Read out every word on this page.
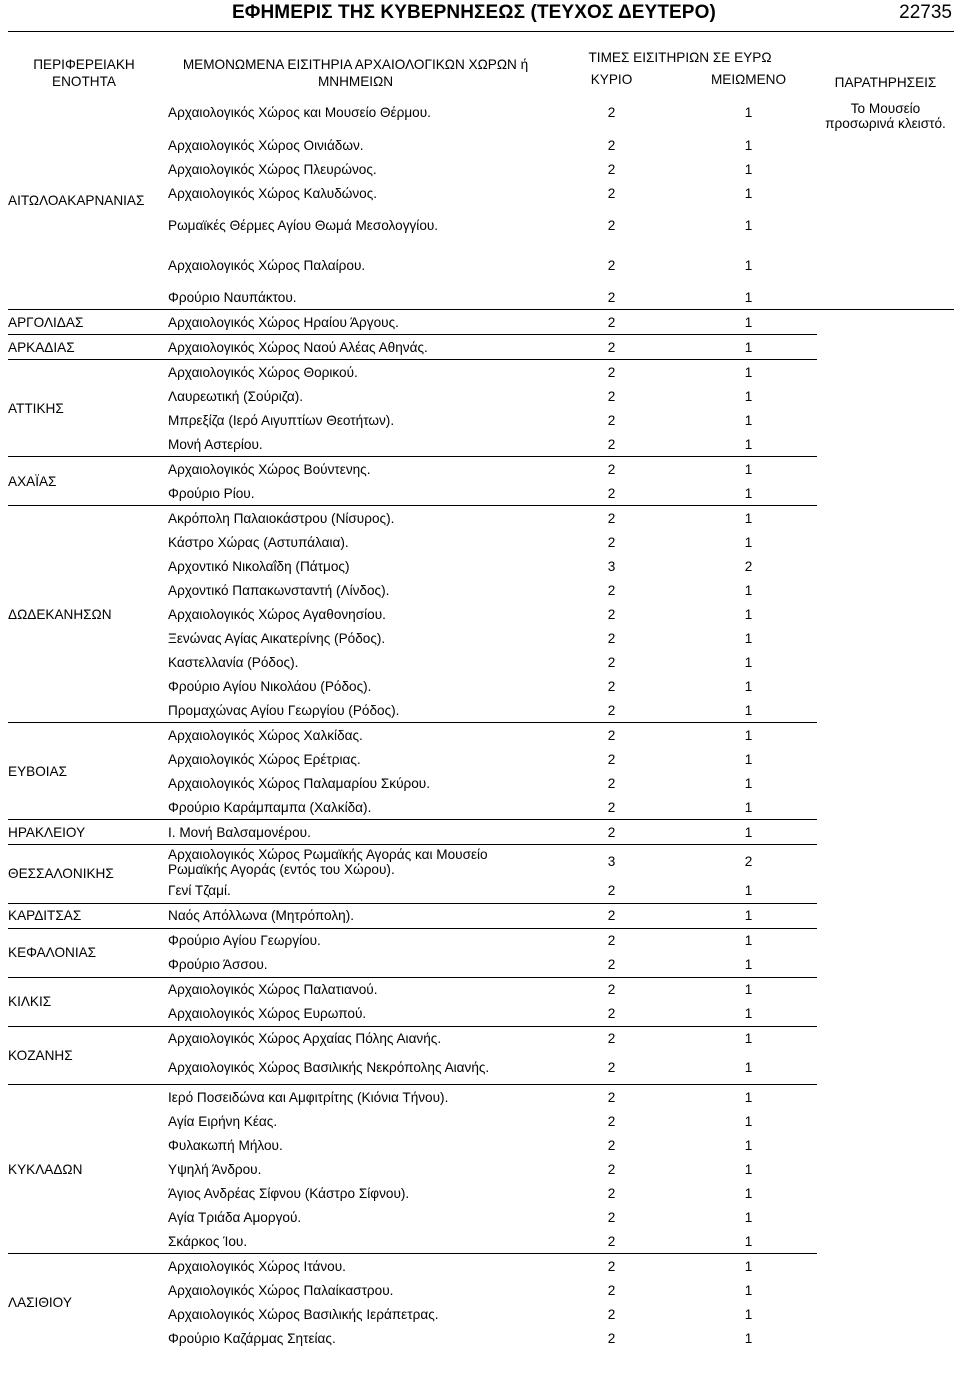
ΕΦΗΜΕΡΙΣ ΤΗΣ ΚΥΒΕΡΝΗΣΕΩΣ (ΤΕΥΧΟΣ ΔΕΥΤΕΡΟ)	22735
ΠΕΡΙΦΕΡΕΙΑΚΗ ΕΝΟΤΗΤΑ	ΜΕΜΟΝΩΜΕΝΑ ΕΙΣΙΤΗΡΙΑ ΑΡΧΑΙΟΛΟΓΙΚΩΝ ΧΩΡΩΝ ή ΜΝΗΜΕΙΩΝ	ΤΙΜΕΣ ΕΙΣΙΤΗΡΙΩΝ ΣΕ ΕΥΡΩ		ΠΑΡΑΤΗΡΗΣΕΙΣ
		ΚΥΡΙΟ	ΜΕΙΩΜΕΝΟ	
ΑΙΤΩΛΟΑΚΑΡΝΑΝΙΑΣ	Αρχαιολογικός Χώρος και Μουσείο Θέρμου.	2	1	Το Μουσείο προσωρινά κλειστό.
	Αρχαιολογικός Χώρος Οινιάδων.	2	1	
	Αρχαιολογικός Χώρος Πλευρώνος.	2	1	
	Αρχαιολογικός Χώρος Καλυδώνος.	2	1	
	Ρωμαϊκές Θέρμες Αγίου Θωμά Μεσολογγίου.	2	1	
	Αρχαιολογικός Χώρος Παλαίρου.	2	1	
	Φρούριο Ναυπάκτου.	2	1	
ΑΡΓΟΛΙΔΑΣ	Αρχαιολογικός Χώρος Ηραίου Άργους.	2	1	
ΑΡΚΑΔΙΑΣ	Αρχαιολογικός Χώρος Ναού Αλέας Αθηνάς.	2	1	
ΑΤΤΙΚΗΣ	Αρχαιολογικός Χώρος Θορικού.	2	1	
	Λαυρεωτική (Σούριζα).	2	1	
	Μπρεξίζα (Ιερό Αιγυπτίων Θεοτήτων).	2	1	
	Μονή Αστερίου.	2	1	
ΑΧΑΪΑΣ	Αρχαιολογικός Χώρος Βούντενης.	2	1	
	Φρούριο Ρίου.	2	1	
ΔΩΔΕΚΑΝΗΣΩΝ	Ακρόπολη Παλαιοκάστρου (Νίσυρος).	2	1	
	Κάστρο Χώρας (Αστυπάλαια).	2	1	
	Αρχοντικό Νικολαΐδη (Πάτμος)	3	2	
	Αρχοντικό Παπακωνσταντή (Λίνδος).	2	1	
	Αρχαιολογικός Χώρος Αγαθονησίου.	2	1	
	Ξενώνας Αγίας Αικατερίνης (Ρόδος).	2	1	
	Καστελλανία (Ρόδος).	2	1	
	Φρούριο Αγίου Νικολάου (Ρόδος).	2	1	
	Προμαχώνας Αγίου Γεωργίου (Ρόδος).	2	1	
ΕΥΒΟΙΑΣ	Αρχαιολογικός Χώρος Χαλκίδας.	2	1	
	Αρχαιολογικός Χώρος Ερέτριας.	2	1	
	Αρχαιολογικός Χώρος Παλαμαρίου Σκύρου.	2	1	
	Φρούριο Καράμπαμπα (Χαλκίδα).	2	1	
ΗΡΑΚΛΕΙΟΥ	Ι. Μονή Βαλσαμονέρου.	2	1	
ΘΕΣΣΑΛΟΝΙΚΗΣ	Αρχαιολογικός Χώρος Ρωμαϊκής Αγοράς και Μουσείο Ρωμαϊκής Αγοράς (εντός του Χώρου).	3	2	
	Γενί Τζαμί.	2	1	
ΚΑΡΔΙΤΣΑΣ	Ναός Απόλλωνα (Μητρόπολη).	2	1	
ΚΕΦΑΛΟΝΙΑΣ	Φρούριο Αγίου Γεωργίου.	2	1	
	Φρούριο Άσσου.	2	1	
ΚΙΛΚΙΣ	Αρχαιολογικός Χώρος Παλατιανού.	2	1	
	Αρχαιολογικός Χώρος Ευρωπού.	2	1	
ΚΟΖΑΝΗΣ	Αρχαιολογικός Χώρος Αρχαίας Πόλης Αιανής.	2	1	
	Αρχαιολογικός Χώρος Βασιλικής Νεκρόπολης Αιανής.	2	1	
ΚΥΚΛΑΔΩΝ	Ιερό Ποσειδώνα και Αμφιτρίτης (Κιόνια Τήνου).	2	1	
	Αγία Ειρήνη Κέας.	2	1	
	Φυλακωπή Μήλου.	2	1	
	Υψηλή Άνδρου.	2	1	
	Άγιος Ανδρέας Σίφνου (Κάστρο Σίφνου).	2	1	
	Αγία Τριάδα Αμοργού.	2	1	
	Σκάρκος Ίου.	2	1	
ΛΑΣΙΘΙΟΥ	Αρχαιολογικός Χώρος Ιτάνου.	2	1	
	Αρχαιολογικός Χώρος Παλαίκαστρου.	2	1	
	Αρχαιολογικός Χώρος Βασιλικής Ιεράπετρας.	2	1	
	Φρούριο Καζάρμας Σητείας.	2	1	
